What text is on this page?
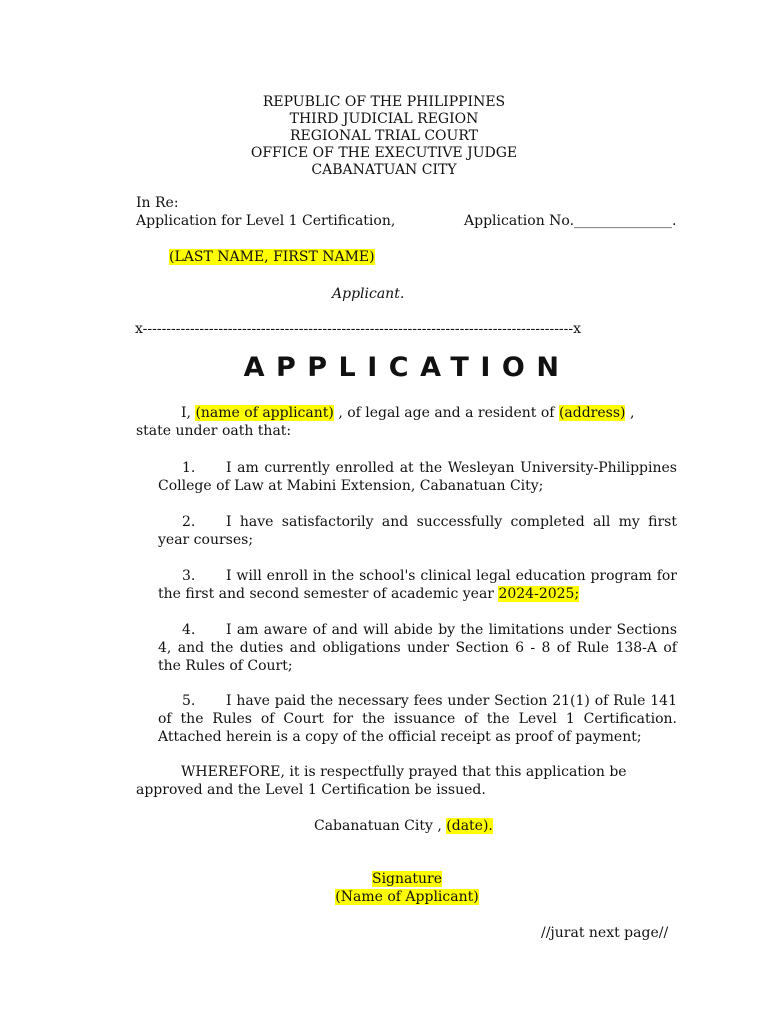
REPUBLIC OF THE PHILIPPINES
THIRD JUDICIAL REGION
REGIONAL TRIAL COURT
OFFICE OF THE EXECUTIVE JUDGE
CABANATUAN CITY
In Re:
Application for Level 1 Certification,	Application No.______________.
(LAST NAME, FIRST NAME)
Applicant.
x-------------------------------------------------------------------------------------------x
APPLICATION
I, (name of applicant) , of legal age and a resident of (address) ,
state under oath that:
1. I am currently enrolled at the Wesleyan University-Philippines College of Law at Mabini Extension, Cabanatuan City;
2. I have satisfactorily and successfully completed all my first year courses;
3. I will enroll in the school's clinical legal education program for the first and second semester of academic year 2024-2025;
4. I am aware of and will abide by the limitations under Sections 4, and the duties and obligations under Section 6 - 8 of Rule 138-A of the Rules of Court;
5. I have paid the necessary fees under Section 21(1) of Rule 141 of the Rules of Court for the issuance of the Level 1 Certification. Attached herein is a copy of the official receipt as proof of payment;
WHEREFORE, it is respectfully prayed that this application be
approved and the Level 1 Certification be issued.
Cabanatuan City , (date).
Signature
(Name of Applicant)
//jurat next page//
